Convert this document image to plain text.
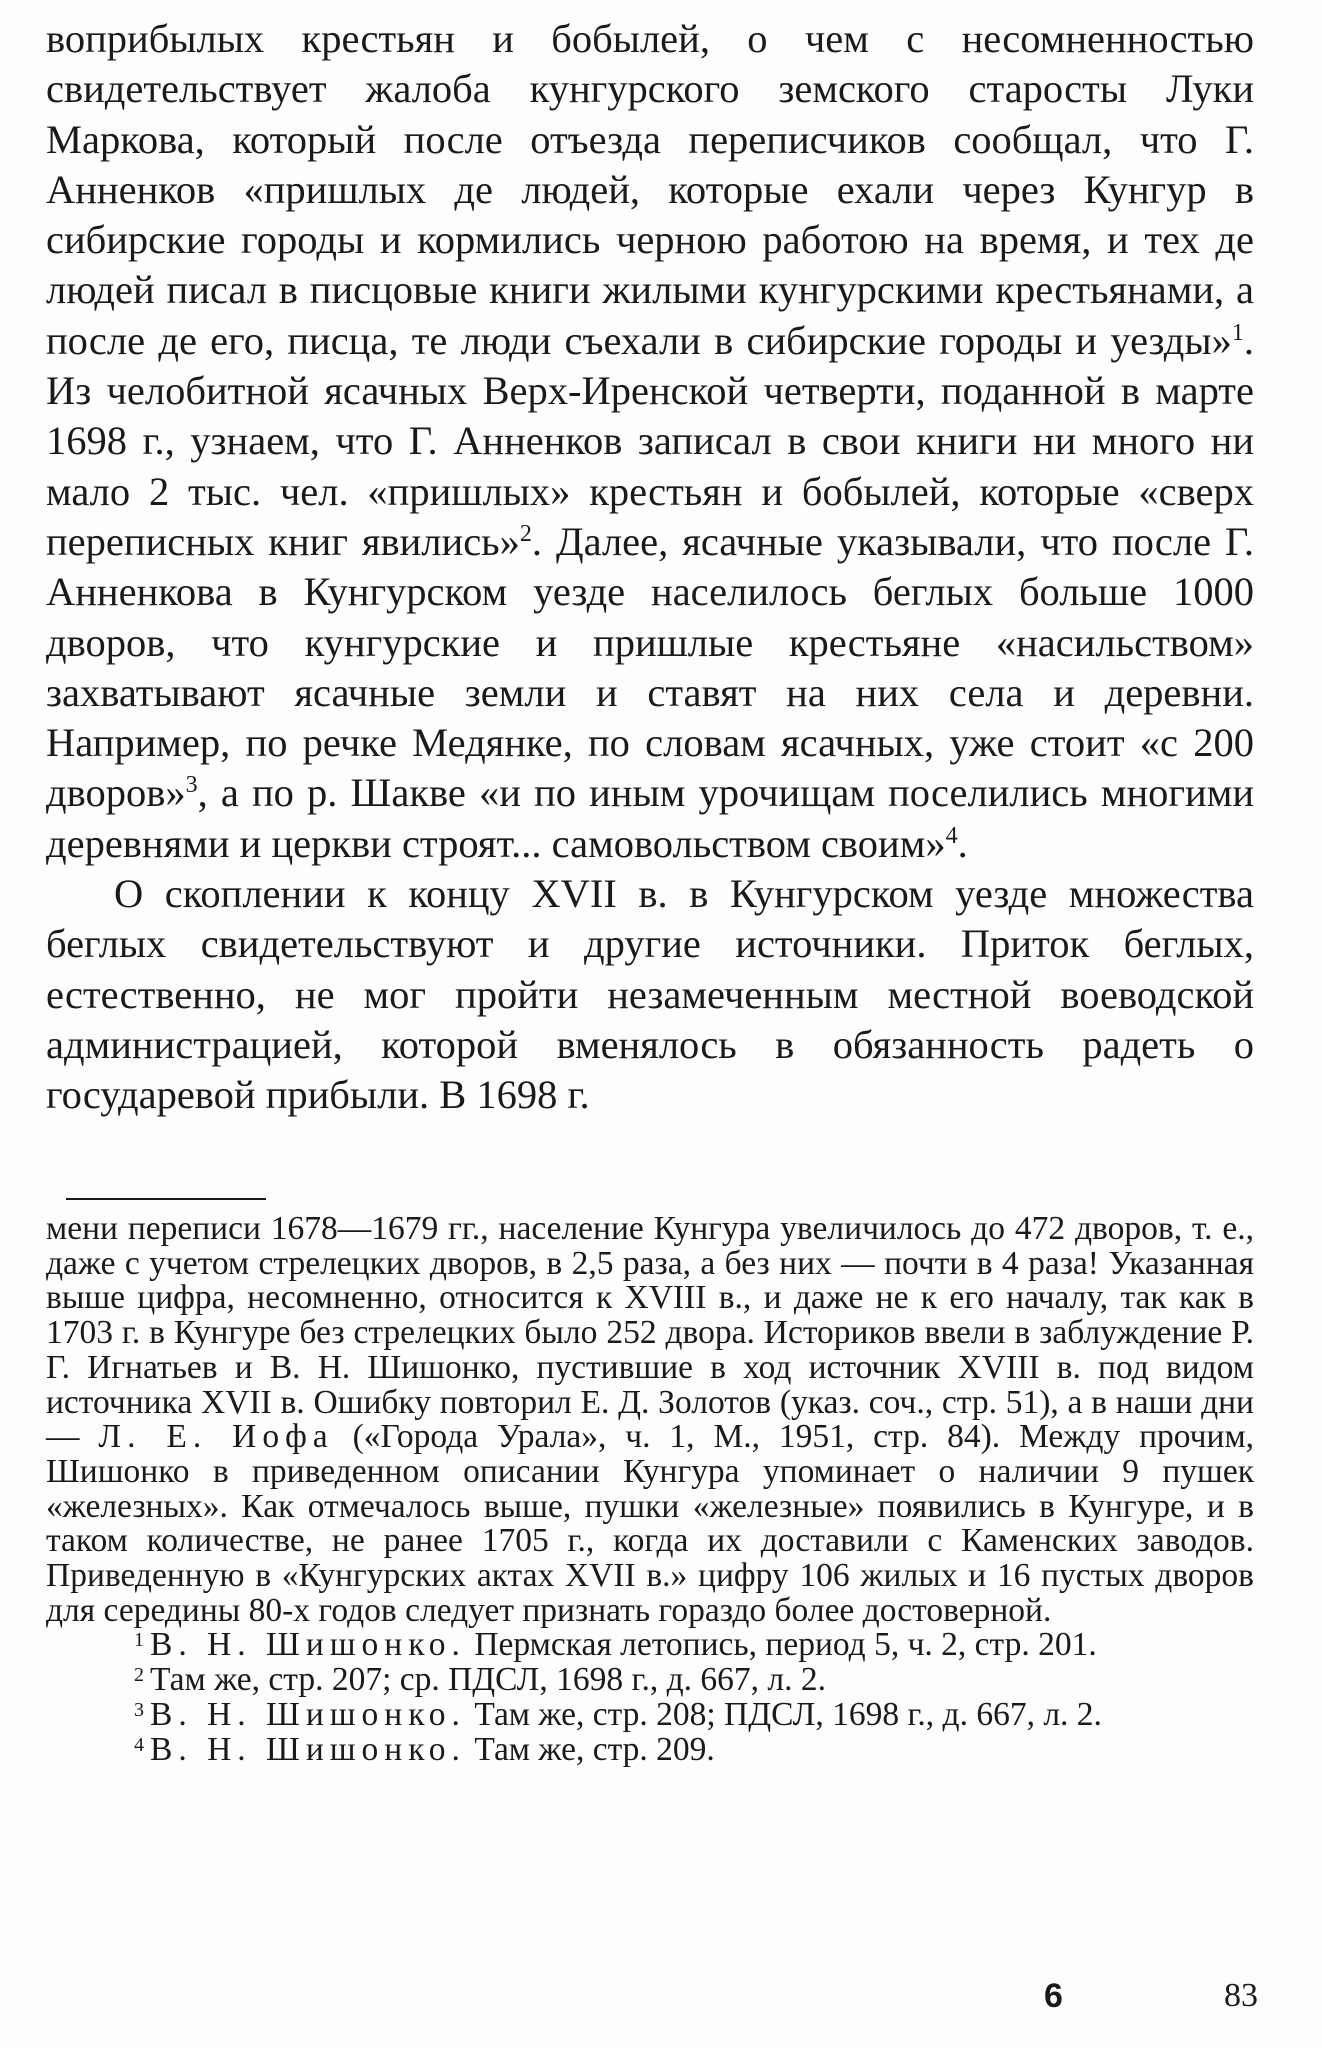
воприбылых крестьян и бобылей, о чем с несомненностью свидетельствует жалоба кунгурского земского старосты Луки Маркова, который после отъезда переписчиков сообщал, что Г. Анненков «пришлых де людей, которые ехали через Кунгур в сибирские городы и кормились черною работою на время, и тех де людей писал в писцовые книги жилыми кунгурскими крестьянами, а после де его, писца, те люди съехали в сибирские городы и уезды»$^1$. Из челобитной ясачных Верх-Иренской четверти, поданной в марте 1698 г., узнаем, что Г. Анненков записал в свои книги ни много ни мало 2 тыс. чел. «пришлых» крестьян и бобылей, которые «сверх переписных книг явились»$^2$. Далее, ясачные указывали, что после Г. Анненкова в Кунгурском уезде населилось беглых больше 1000 дворов, что кунгурские и пришлые крестьяне «насильством» захватывают ясачные земли и ставят на них села и деревни. Например, по речке Медянке, по словам ясачных, уже стоит «с 200 дворов»$^3$, а по р. Шакве «и по иным урочищам поселились многими деревнями и церкви строят... самовольством своим»$^4$.

О скоплении к концу XVII в. в Кунгурском уезде множества беглых свидетельствуют и другие источники. Приток беглых, естественно, не мог пройти незамеченным местной воеводской администрацией, которой вменялось в обязанность радеть о государевой прибыли. В 1698 г.

мени переписи 1678—1679 гг., население Кунгура увеличилось до 472 дворов, т. е., даже с учетом стрелецких дворов, в 2,5 раза, а без них — почти в 4 раза! Указанная выше цифра, несомненно, относится к XVIII в., и даже не к его началу, так как в 1703 г. в Кунгуре без стрелецких было 252 двора. Историков ввели в заблуждение Р. Г. Игнатьев и В. Н. Шишонко, пустившие в ход источник XVIII в. под видом источника XVII в. Ошибку повторил Е. Д. Золотов (указ. соч., стр. 51), а в наши дни — Л. Е. Иофа («Города Урала», ч. 1, М., 1951, стр. 84). Между прочим, Шишонко в приведенном описании Кунгура упоминает о наличии 9 пушек «железных». Как отмечалось выше, пушки «железные» появились в Кунгуре, и в таком количестве, не ранее 1705 г., когда их доставили с Каменских заводов. Приведенную в «Кунгурских актах XVII в.» цифру 106 жилых и 16 пустых дворов для середины 80-х годов следует признать гораздо более достоверной.

$^1$ В. Н. Шишонко. Пермская летопись, период 5, ч. 2, стр. 201.

$^2$ Там же, стр. 207; ср. ПДСЛ, 1698 г., д. 667, л. 2.

$^3$ В. Н. Шишонко. Там же, стр. 208; ПДСЛ, 1698 г., д. 667, л. 2.

$^4$ В. Н. Шишонко. Там же, стр. 209.

6	83
